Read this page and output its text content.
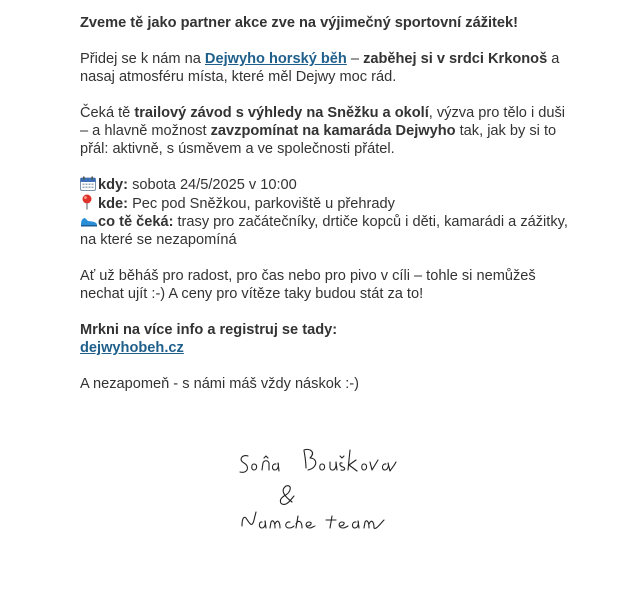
Zveme tě jako partner akce zve na výjimečný sportovní zážitek!

Přidej se k nám na Dejwyho horský běh – zaběhej si v srdci Krkonoš a nasaj atmosféru místa, které měl Dejwy moc rád.

Čeká tě trailový závod s výhledy na Sněžku a okolí, výzva pro tělo i duši – a hlavně možnost zavzpomínat na kamaráda Dejwyho tak, jak by si to přál: aktivně, s úsměvem a ve společnosti přátel.

kdy: sobota 24/5/2025 v 10:00
kde: Pec pod Sněžkou, parkoviště u přehrady
co tě čeká: trasy pro začátečníky, drtiče kopců i děti, kamarádi a zážitky, na které se nezapomíná

Ať už běháš pro radost, pro čas nebo pro pivo v cíli – tohle si nemůžeš nechat ujít :-) A ceny pro vítěze taky budou stát za to!

Mrkni na více info a registruj se tady:
dejwyhobeh.cz

A nezapomeň - s námi máš vždy náskok :-)
